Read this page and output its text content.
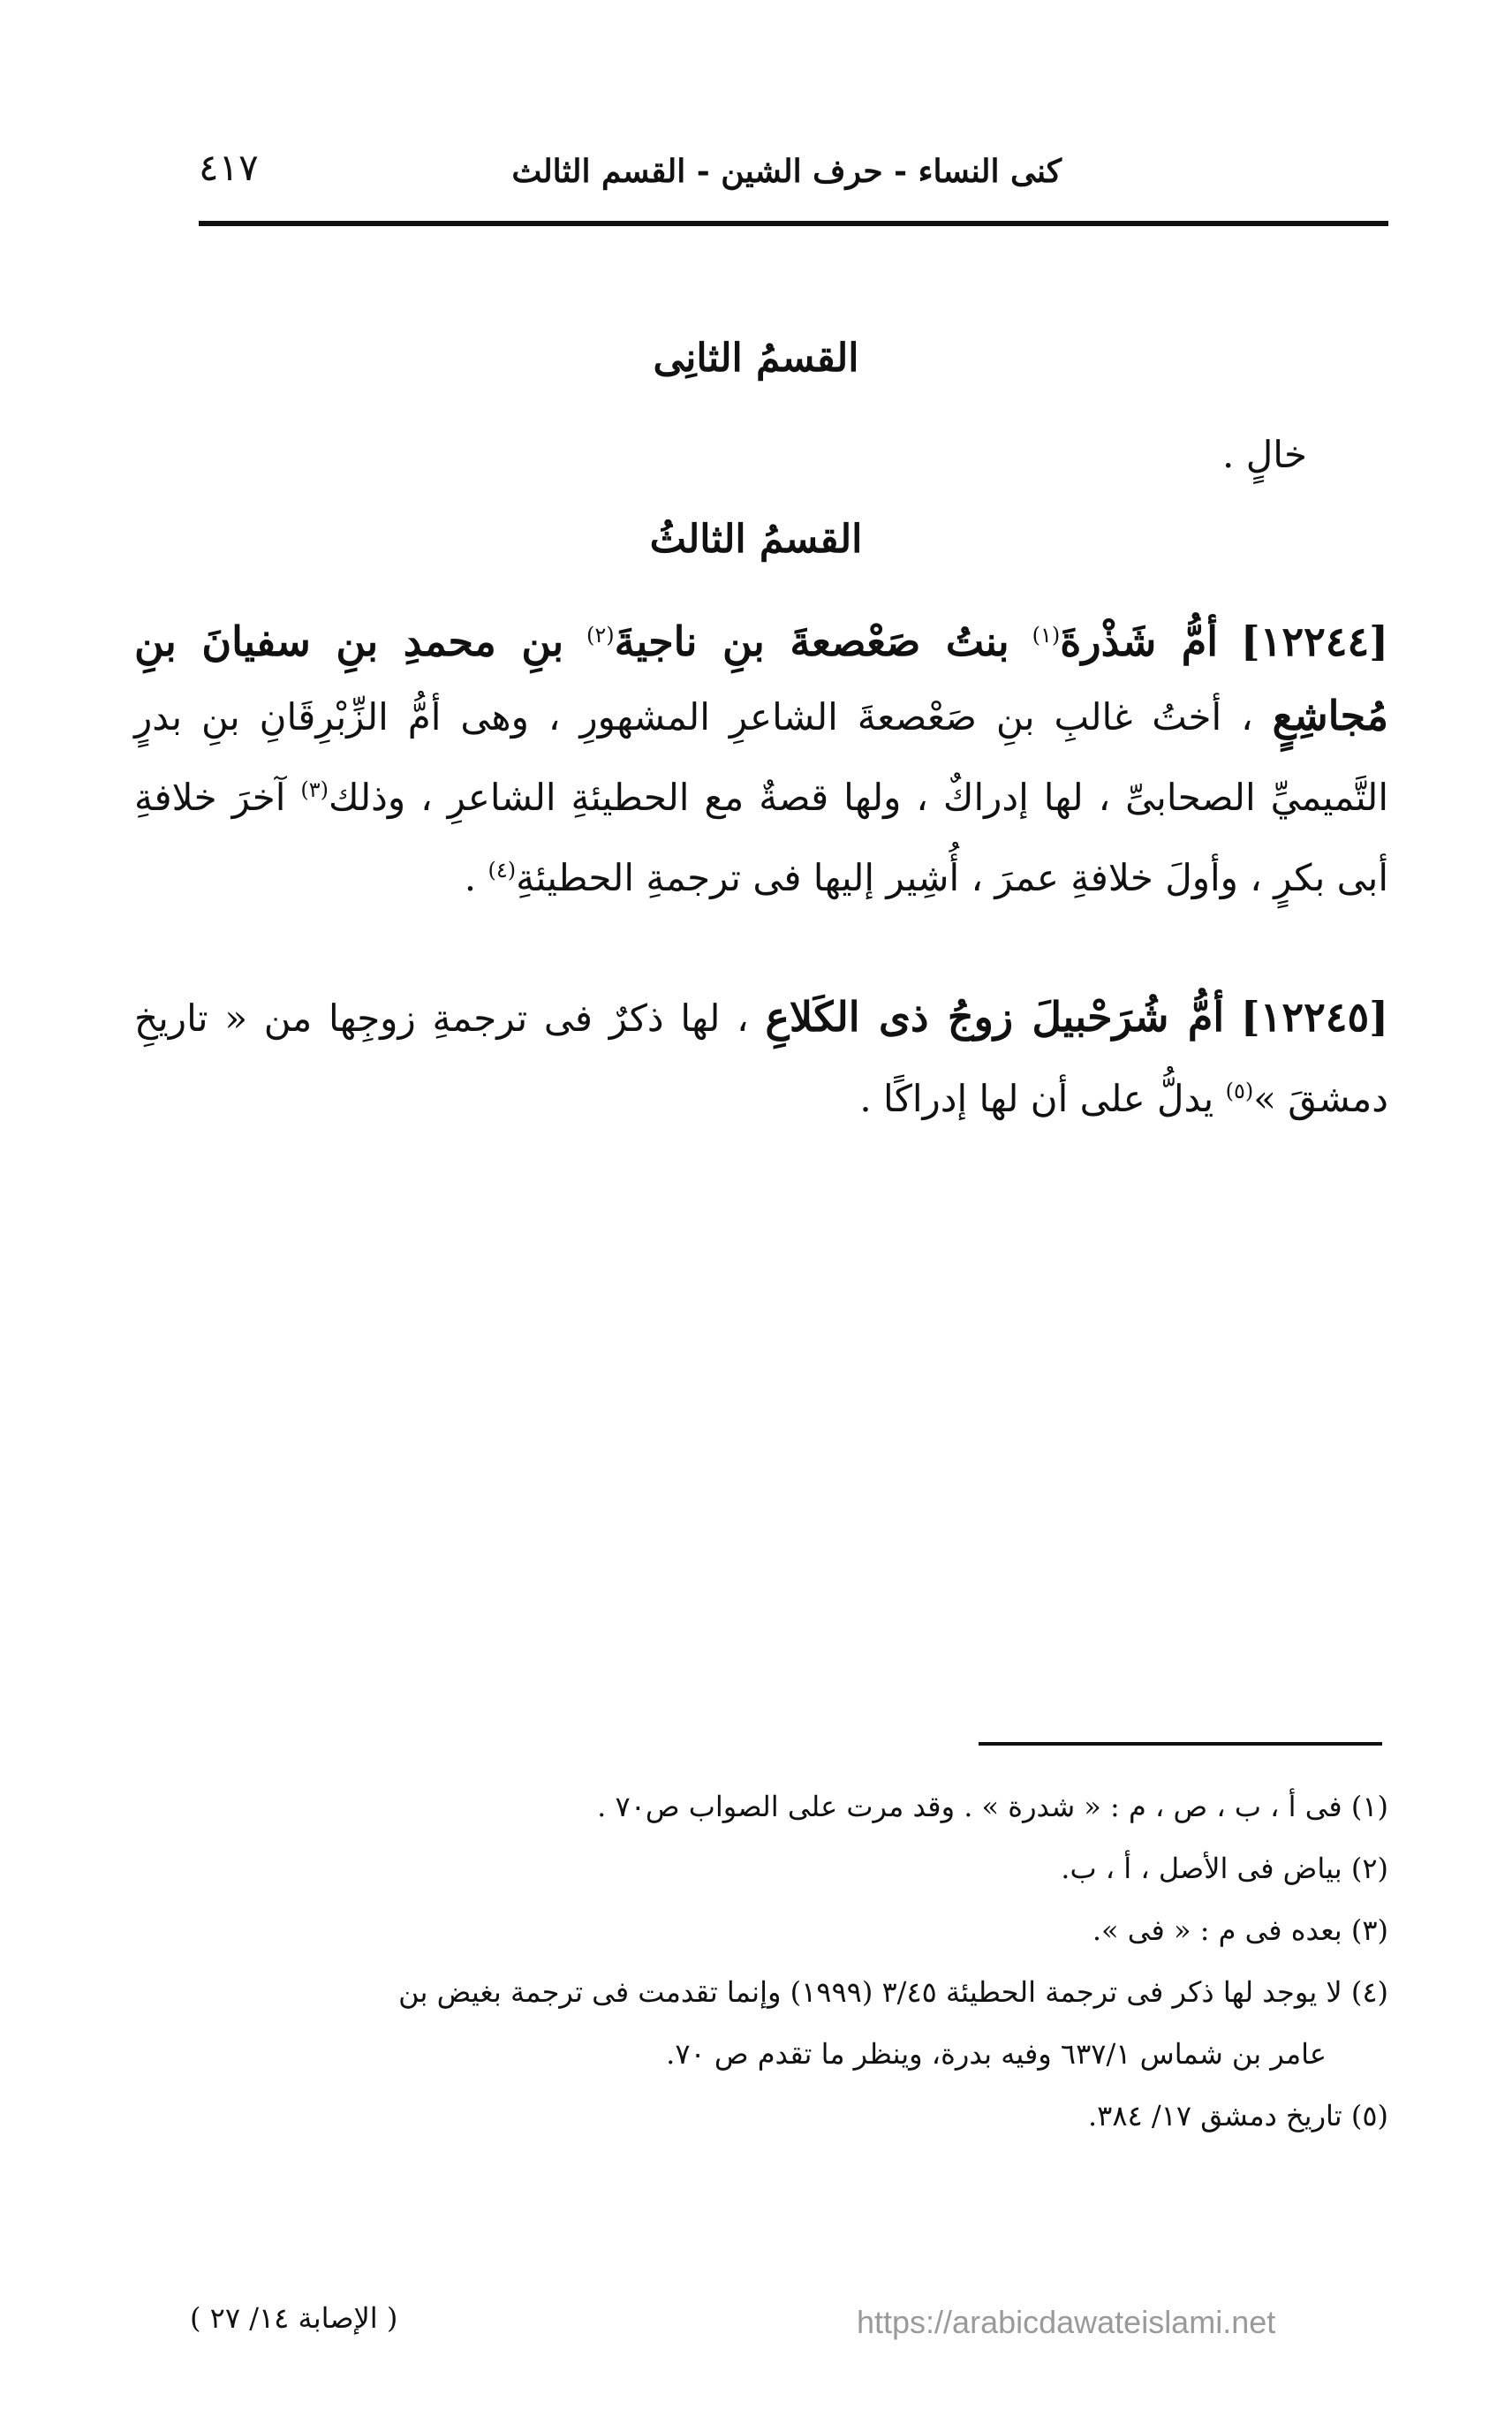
كنى النساء - حرف الشين - القسم الثالث
٤١٧
القسمُ الثانِى
خالٍ .
القسمُ الثالثُ
[١٢٢٤٤] أمُّ شَذْرةَ$^{(١)}$ بنتُ صَعْصعةَ بنِ ناجيةَ$^{(٢)}$ بنِ محمدِ بنِ سفيانَ بنِ مُجاشِعٍ ، أختُ غالبِ بنِ صَعْصعةَ الشاعرِ المشهورِ ، وهى أمُّ الزِّبْرِقَانِ بنِ بدرٍ التَّميميِّ الصحابىِّ ، لها إدراكٌ ، ولها قصةٌ مع الحطيئةِ الشاعرِ ، وذلك$^{(٣)}$ آخرَ خلافةِ أبى بكرٍ ، وأولَ خلافةِ عمرَ ، أُشِير إليها فى ترجمةِ الحطيئةِ$^{(٤)}$ .
[١٢٢٤٥] أمُّ شُرَحْبيلَ زوجُ ذى الكَلاعِ ، لها ذكرٌ فى ترجمةِ زوجِها من « تاريخِ دمشقَ »$^{(٥)}$ يدلُّ على أن لها إدراكًا .

(١) فى أ ، ب ، ص ، م : « شدرة » . وقد مرت على الصواب ص٧٠ .

(٢) بياض فى الأصل ، أ ، ب.

(٣) بعده فى م : « فى ».

(٤) لا يوجد لها ذكر فى ترجمة الحطيئة ٣/٤٥ (١٩٩٩) وإنما تقدمت فى ترجمة بغيض بن

عامر بن شماس ٦٣٧/١ وفيه بدرة، وينظر ما تقدم ص ٧٠.

(٥) تاريخ دمشق ١٧/ ٣٨٤.

( الإصابة ١٤/ ٢٧ )	https://arabicdawateislami.net
